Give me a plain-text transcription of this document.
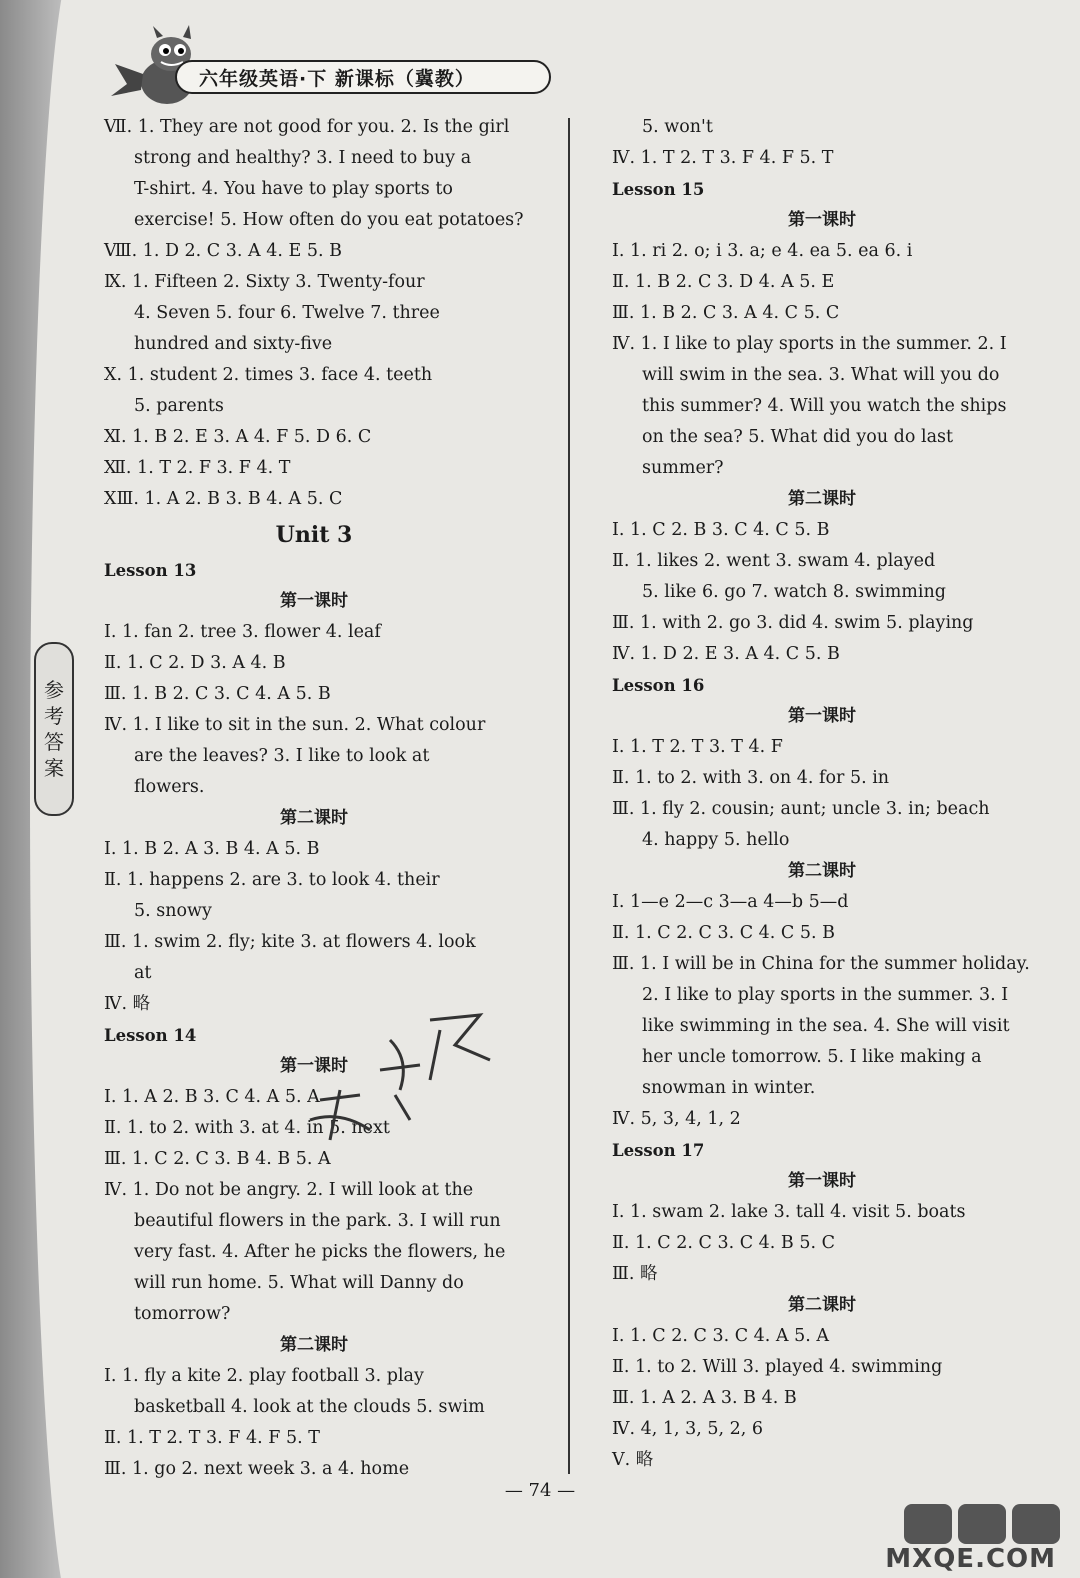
六年级英语·下 新课标（冀教）
参
考
答
案
Ⅶ. 1. They are not good for you. 2. Is the girl
strong and healthy? 3. I need to buy a
T-shirt. 4. You have to play sports to
exercise! 5. How often do you eat potatoes?
Ⅷ. 1. D 2. C 3. A 4. E 5. B
Ⅸ. 1. Fifteen 2. Sixty 3. Twenty-four
4. Seven 5. four 6. Twelve 7. three
hundred and sixty-five
Ⅹ. 1. student 2. times 3. face 4. teeth
5. parents
Ⅺ. 1. B 2. E 3. A 4. F 5. D 6. C
Ⅻ. 1. T 2. F 3. F 4. T
ⅩⅢ. 1. A 2. B 3. B 4. A 5. C
Unit 3
Lesson 13
第一课时
Ⅰ. 1. fan 2. tree 3. flower 4. leaf
Ⅱ. 1. C 2. D 3. A 4. B
Ⅲ. 1. B 2. C 3. C 4. A 5. B
Ⅳ. 1. I like to sit in the sun. 2. What colour
are the leaves? 3. I like to look at
flowers.
第二课时
Ⅰ. 1. B 2. A 3. B 4. A 5. B
Ⅱ. 1. happens 2. are 3. to look 4. their
5. snowy
Ⅲ. 1. swim 2. fly; kite 3. at flowers 4. look
at
Ⅳ. 略
Lesson 14
第一课时
Ⅰ. 1. A 2. B 3. C 4. A 5. A
Ⅱ. 1. to 2. with 3. at 4. in 5. next
Ⅲ. 1. C 2. C 3. B 4. B 5. A
Ⅳ. 1. Do not be angry. 2. I will look at the
beautiful flowers in the park. 3. I will run
very fast. 4. After he picks the flowers, he
will run home. 5. What will Danny do
tomorrow?
第二课时
Ⅰ. 1. fly a kite 2. play football 3. play
basketball 4. look at the clouds 5. swim
Ⅱ. 1. T 2. T 3. F 4. F 5. T
Ⅲ. 1. go 2. next week 3. a 4. home
5. won't
Ⅳ. 1. T 2. T 3. F 4. F 5. T
Lesson 15
第一课时
Ⅰ. 1. ri 2. o; i 3. a; e 4. ea 5. ea 6. i
Ⅱ. 1. B 2. C 3. D 4. A 5. E
Ⅲ. 1. B 2. C 3. A 4. C 5. C
Ⅳ. 1. I like to play sports in the summer. 2. I
will swim in the sea. 3. What will you do
this summer? 4. Will you watch the ships
on the sea? 5. What did you do last
summer?
第二课时
Ⅰ. 1. C 2. B 3. C 4. C 5. B
Ⅱ. 1. likes 2. went 3. swam 4. played
5. like 6. go 7. watch 8. swimming
Ⅲ. 1. with 2. go 3. did 4. swim 5. playing
Ⅳ. 1. D 2. E 3. A 4. C 5. B
Lesson 16
第一课时
Ⅰ. 1. T 2. T 3. T 4. F
Ⅱ. 1. to 2. with 3. on 4. for 5. in
Ⅲ. 1. fly 2. cousin; aunt; uncle 3. in; beach
4. happy 5. hello
第二课时
Ⅰ. 1—e 2—c 3—a 4—b 5—d
Ⅱ. 1. C 2. C 3. C 4. C 5. B
Ⅲ. 1. I will be in China for the summer holiday.
2. I like to play sports in the summer. 3. I
like swimming in the sea. 4. She will visit
her uncle tomorrow. 5. I like making a
snowman in winter.
Ⅳ. 5, 3, 4, 1, 2
Lesson 17
第一课时
Ⅰ. 1. swam 2. lake 3. tall 4. visit 5. boats
Ⅱ. 1. C 2. C 3. C 4. B 5. C
Ⅲ. 略
第二课时
Ⅰ. 1. C 2. C 3. C 4. A 5. A
Ⅱ. 1. to 2. Will 3. played 4. swimming
Ⅲ. 1. A 2. A 3. B 4. B
Ⅳ. 4, 1, 3, 5, 2, 6
Ⅴ. 略
— 74 —
MXQE.COM
